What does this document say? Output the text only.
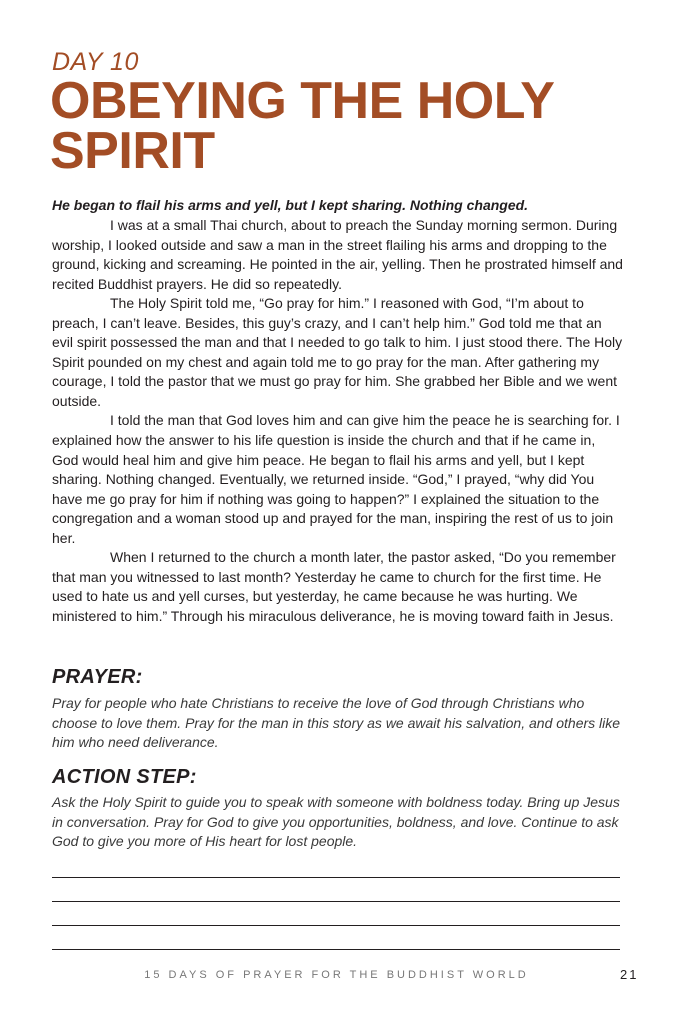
DAY 10
OBEYING THE HOLY SPIRIT
He began to flail his arms and yell, but I kept sharing. Nothing changed.

I was at a small Thai church, about to preach the Sunday morning sermon. During worship, I looked outside and saw a man in the street flailing his arms and dropping to the ground, kicking and screaming. He pointed in the air, yelling. Then he prostrated himself and recited Buddhist prayers. He did so repeatedly.

The Holy Spirit told me, “Go pray for him.” I reasoned with God, “I’m about to preach, I can’t leave. Besides, this guy’s crazy, and I can’t help him.” God told me that an evil spirit possessed the man and that I needed to go talk to him. I just stood there. The Holy Spirit pounded on my chest and again told me to go pray for the man. After gathering my courage, I told the pastor that we must go pray for him. She grabbed her Bible and we went outside.

I told the man that God loves him and can give him the peace he is searching for. I explained how the answer to his life question is inside the church and that if he came in, God would heal him and give him peace. He began to flail his arms and yell, but I kept sharing. Nothing changed. Eventually, we returned inside. “God,” I prayed, “why did You have me go pray for him if nothing was going to happen?” I explained the situation to the congregation and a woman stood up and prayed for the man, inspiring the rest of us to join her.

When I returned to the church a month later, the pastor asked, “Do you remember that man you witnessed to last month? Yesterday he came to church for the first time. He used to hate us and yell curses, but yesterday, he came because he was hurting. We ministered to him.” Through his miraculous deliverance, he is moving toward faith in Jesus.

PRAYER:
Pray for people who hate Christians to receive the love of God through Christians who choose to love them. Pray for the man in this story as we await his salvation, and others like him who need deliverance.
ACTION STEP:
Ask the Holy Spirit to guide you to speak with someone with boldness today. Bring up Jesus in conversation. Pray for God to give you opportunities, boldness, and love. Continue to ask God to give you more of His heart for lost people.
15 DAYS OF PRAYER FOR THE BUDDHIST WORLD	21
